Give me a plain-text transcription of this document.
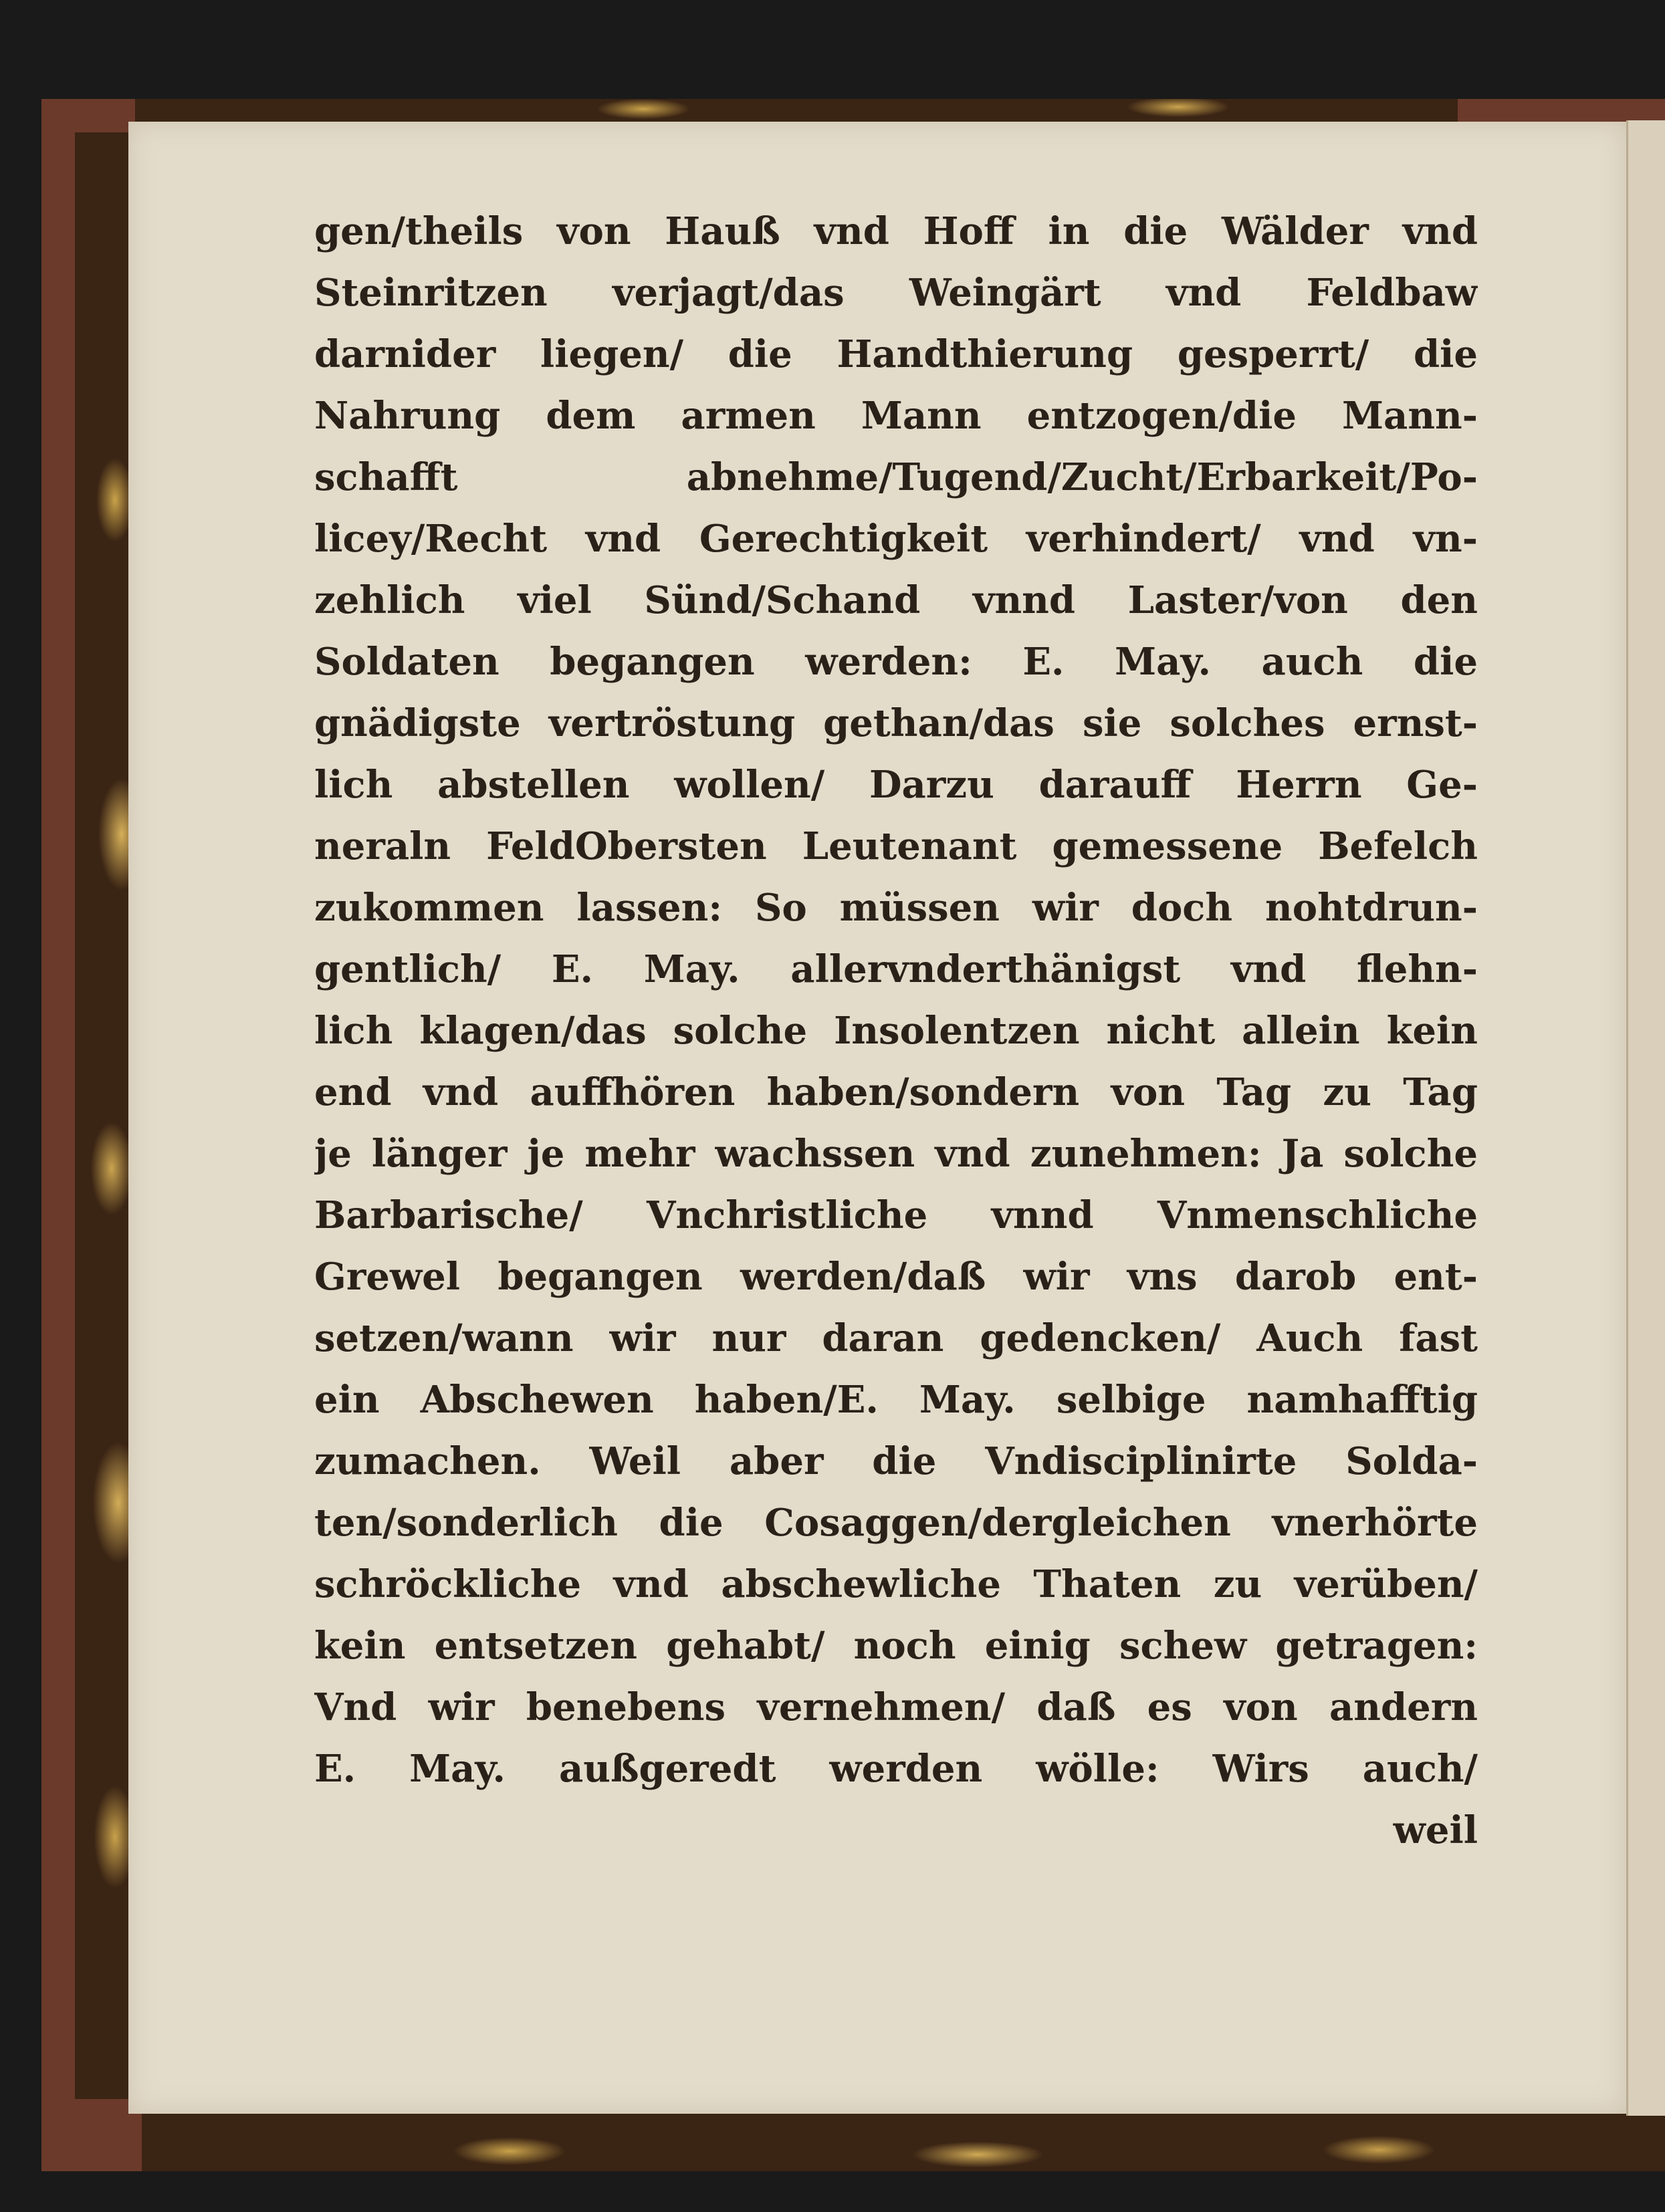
gen/theils von Hauß vnd Hoff in die Wälder vnd
Steinritzen verjagt/das Weingärt vnd Feldbaw
darnider liegen/ die Handthierung gesperrt/ die
Nahrung dem armen Mann entzogen/die Mann-
schafft abnehme/Tugend/Zucht/Erbarkeit/Po-
licey/Recht vnd Gerechtigkeit verhindert/ vnd vn-
zehlich viel Sünd/Schand vnnd Laster/von den
Soldaten begangen werden: E. May. auch die
gnädigste vertröstung gethan/das sie solches ernst-
lich abstellen wollen/ Darzu darauff Herrn Ge-
neraln FeldObersten Leutenant gemessene Befelch
zukommen lassen: So müssen wir doch nohtdrun-
gentlich/ E. May. allervnderthänigst vnd flehn-
lich klagen/das solche Insolentzen nicht allein kein
end vnd auffhören haben/sondern von Tag zu Tag
je länger je mehr wachssen vnd zunehmen: Ja solche
Barbarische/ Vnchristliche vnnd Vnmenschliche
Grewel begangen werden/daß wir vns darob ent-
setzen/wann wir nur daran gedencken/ Auch fast
ein Abschewen haben/E. May. selbige namhafftig
zumachen. Weil aber die Vndisciplinirte Solda-
ten/sonderlich die Cosaggen/dergleichen vnerhörte
schröckliche vnd abschewliche Thaten zu verüben/
kein entsetzen gehabt/ noch einig schew getragen:
Vnd wir benebens vernehmen/ daß es von andern
E. May. außgeredt werden wölle: Wirs auch/
weil
